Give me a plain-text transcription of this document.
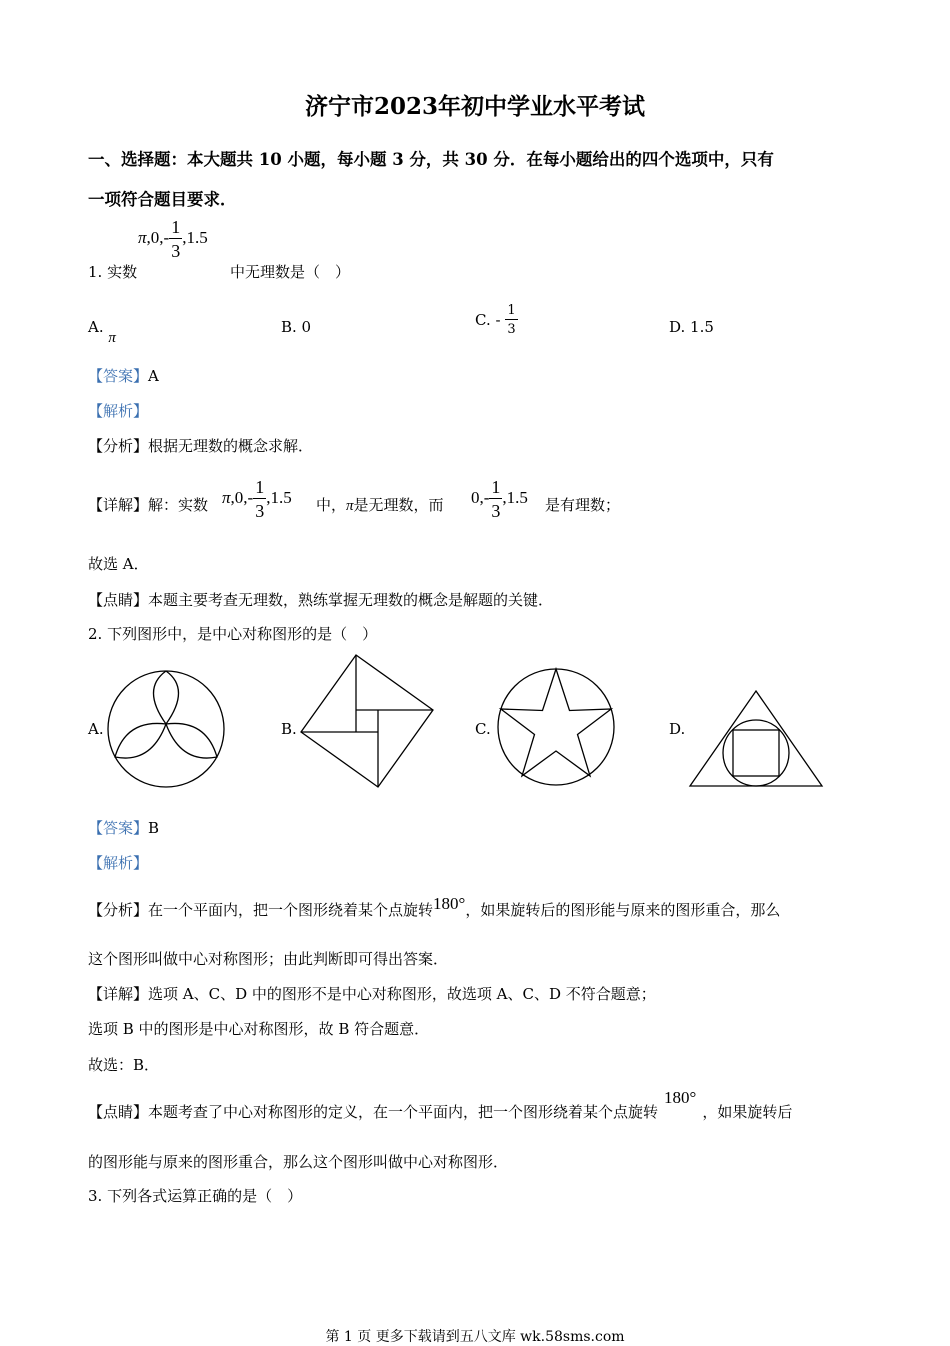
济宁市2023年初中学业水平考试
一、选择题：本大题共 10 小题，每小题 3 分，共 30 分．在每小题给出的四个选项中，只有
一项符合题目要求．
$\pi,0,- \frac{1}{3} ,1.5$
1. 实数	中无理数是（　）
A. π
B. 0	C. - $\frac{1}{3}$	D. 1.5
【答案】A
【解析】
【分析】根据无理数的概念求解．
【详解】解：实数 $\pi,0,- \frac{1}{3} ,1.5$ 中，π是无理数，而 $0,- \frac{1}{3} ,1.5$ 是有理数；
故选 A．
【点睛】本题主要考查无理数，熟练掌握无理数的概念是解题的关键．
2. 下列图形中，是中心对称图形的是（　）
A.	B.	C.	D.
【答案】B
【解析】
【分析】在一个平面内，把一个图形绕着某个点旋转180°，如果旋转后的图形能与原来的图形重合，那么
这个图形叫做中心对称图形；由此判断即可得出答案．
【详解】选项 A、C、D 中的图形不是中心对称图形，故选项 A、C、D 不符合题意；
选项 B 中的图形是中心对称图形，故 B 符合题意．
故选：B．
【点睛】本题考查了中心对称图形的定义，在一个平面内，把一个图形绕着某个点旋转180°，如果旋转后
的图形能与原来的图形重合，那么这个图形叫做中心对称图形．
3. 下列各式运算正确的是（　）
第 1 页 更多下载请到五八文库 wk.58sms.com
